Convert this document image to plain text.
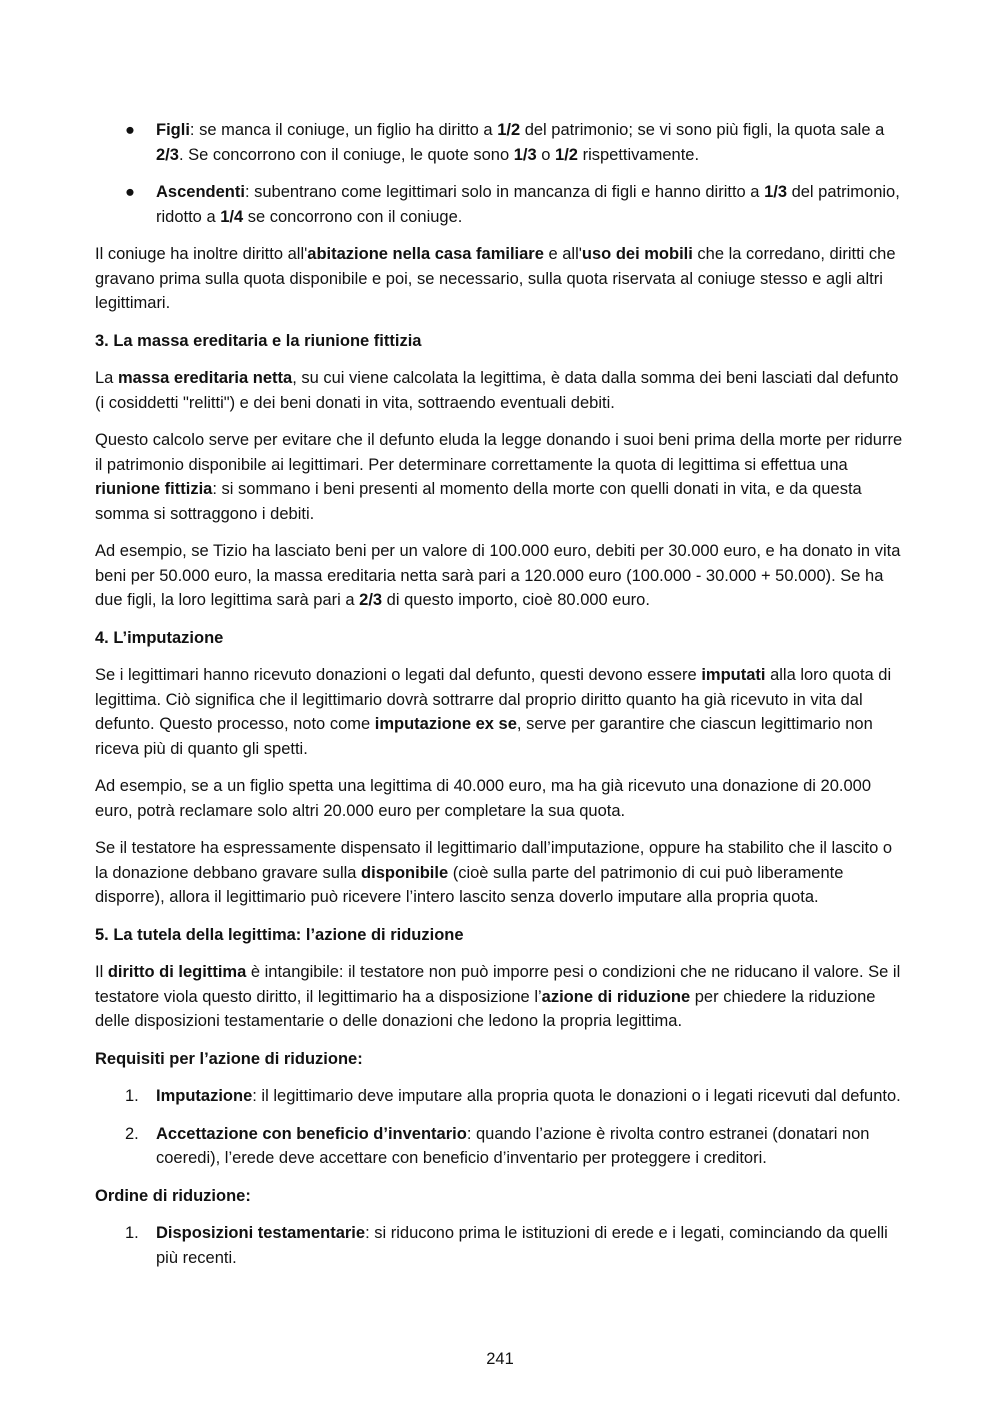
● Figli: se manca il coniuge, un figlio ha diritto a 1/2 del patrimonio; se vi sono più figli, la quota sale a 2/3. Se concorrono con il coniuge, le quote sono 1/3 o 1/2 rispettivamente.
● Ascendenti: subentrano come legittimari solo in mancanza di figli e hanno diritto a 1/3 del patrimonio, ridotto a 1/4 se concorrono con il coniuge.

Il coniuge ha inoltre diritto all'abitazione nella casa familiare e all'uso dei mobili che la corredano, diritti che gravano prima sulla quota disponibile e poi, se necessario, sulla quota riservata al coniuge stesso e agli altri legittimari.

3. La massa ereditaria e la riunione fittizia

La massa ereditaria netta, su cui viene calcolata la legittima, è data dalla somma dei beni lasciati dal defunto (i cosiddetti "relitti") e dei beni donati in vita, sottraendo eventuali debiti.

Questo calcolo serve per evitare che il defunto eluda la legge donando i suoi beni prima della morte per ridurre il patrimonio disponibile ai legittimari. Per determinare correttamente la quota di legittima si effettua una riunione fittizia: si sommano i beni presenti al momento della morte con quelli donati in vita, e da questa somma si sottraggono i debiti.

Ad esempio, se Tizio ha lasciato beni per un valore di 100.000 euro, debiti per 30.000 euro, e ha donato in vita beni per 50.000 euro, la massa ereditaria netta sarà pari a 120.000 euro (100.000 - 30.000 + 50.000). Se ha due figli, la loro legittima sarà pari a 2/3 di questo importo, cioè 80.000 euro.

4. L’imputazione

Se i legittimari hanno ricevuto donazioni o legati dal defunto, questi devono essere imputati alla loro quota di legittima. Ciò significa che il legittimario dovrà sottrarre dal proprio diritto quanto ha già ricevuto in vita dal defunto. Questo processo, noto come imputazione ex se, serve per garantire che ciascun legittimario non riceva più di quanto gli spetti.

Ad esempio, se a un figlio spetta una legittima di 40.000 euro, ma ha già ricevuto una donazione di 20.000 euro, potrà reclamare solo altri 20.000 euro per completare la sua quota.

Se il testatore ha espressamente dispensato il legittimario dall’imputazione, oppure ha stabilito che il lascito o la donazione debbano gravare sulla disponibile (cioè sulla parte del patrimonio di cui può liberamente disporre), allora il legittimario può ricevere l’intero lascito senza doverlo imputare alla propria quota.

5. La tutela della legittima: l’azione di riduzione

Il diritto di legittima è intangibile: il testatore non può imporre pesi o condizioni che ne riducano il valore. Se il testatore viola questo diritto, il legittimario ha a disposizione l’azione di riduzione per chiedere la riduzione delle disposizioni testamentarie o delle donazioni che ledono la propria legittima.

Requisiti per l’azione di riduzione:
1. Imputazione: il legittimario deve imputare alla propria quota le donazioni o i legati ricevuti dal defunto.
2. Accettazione con beneficio d’inventario: quando l’azione è rivolta contro estranei (donatari non coeredi), l’erede deve accettare con beneficio d’inventario per proteggere i creditori.
Ordine di riduzione:
1. Disposizioni testamentarie: si riducono prima le istituzioni di erede e i legati, cominciando da quelli più recenti.
241
